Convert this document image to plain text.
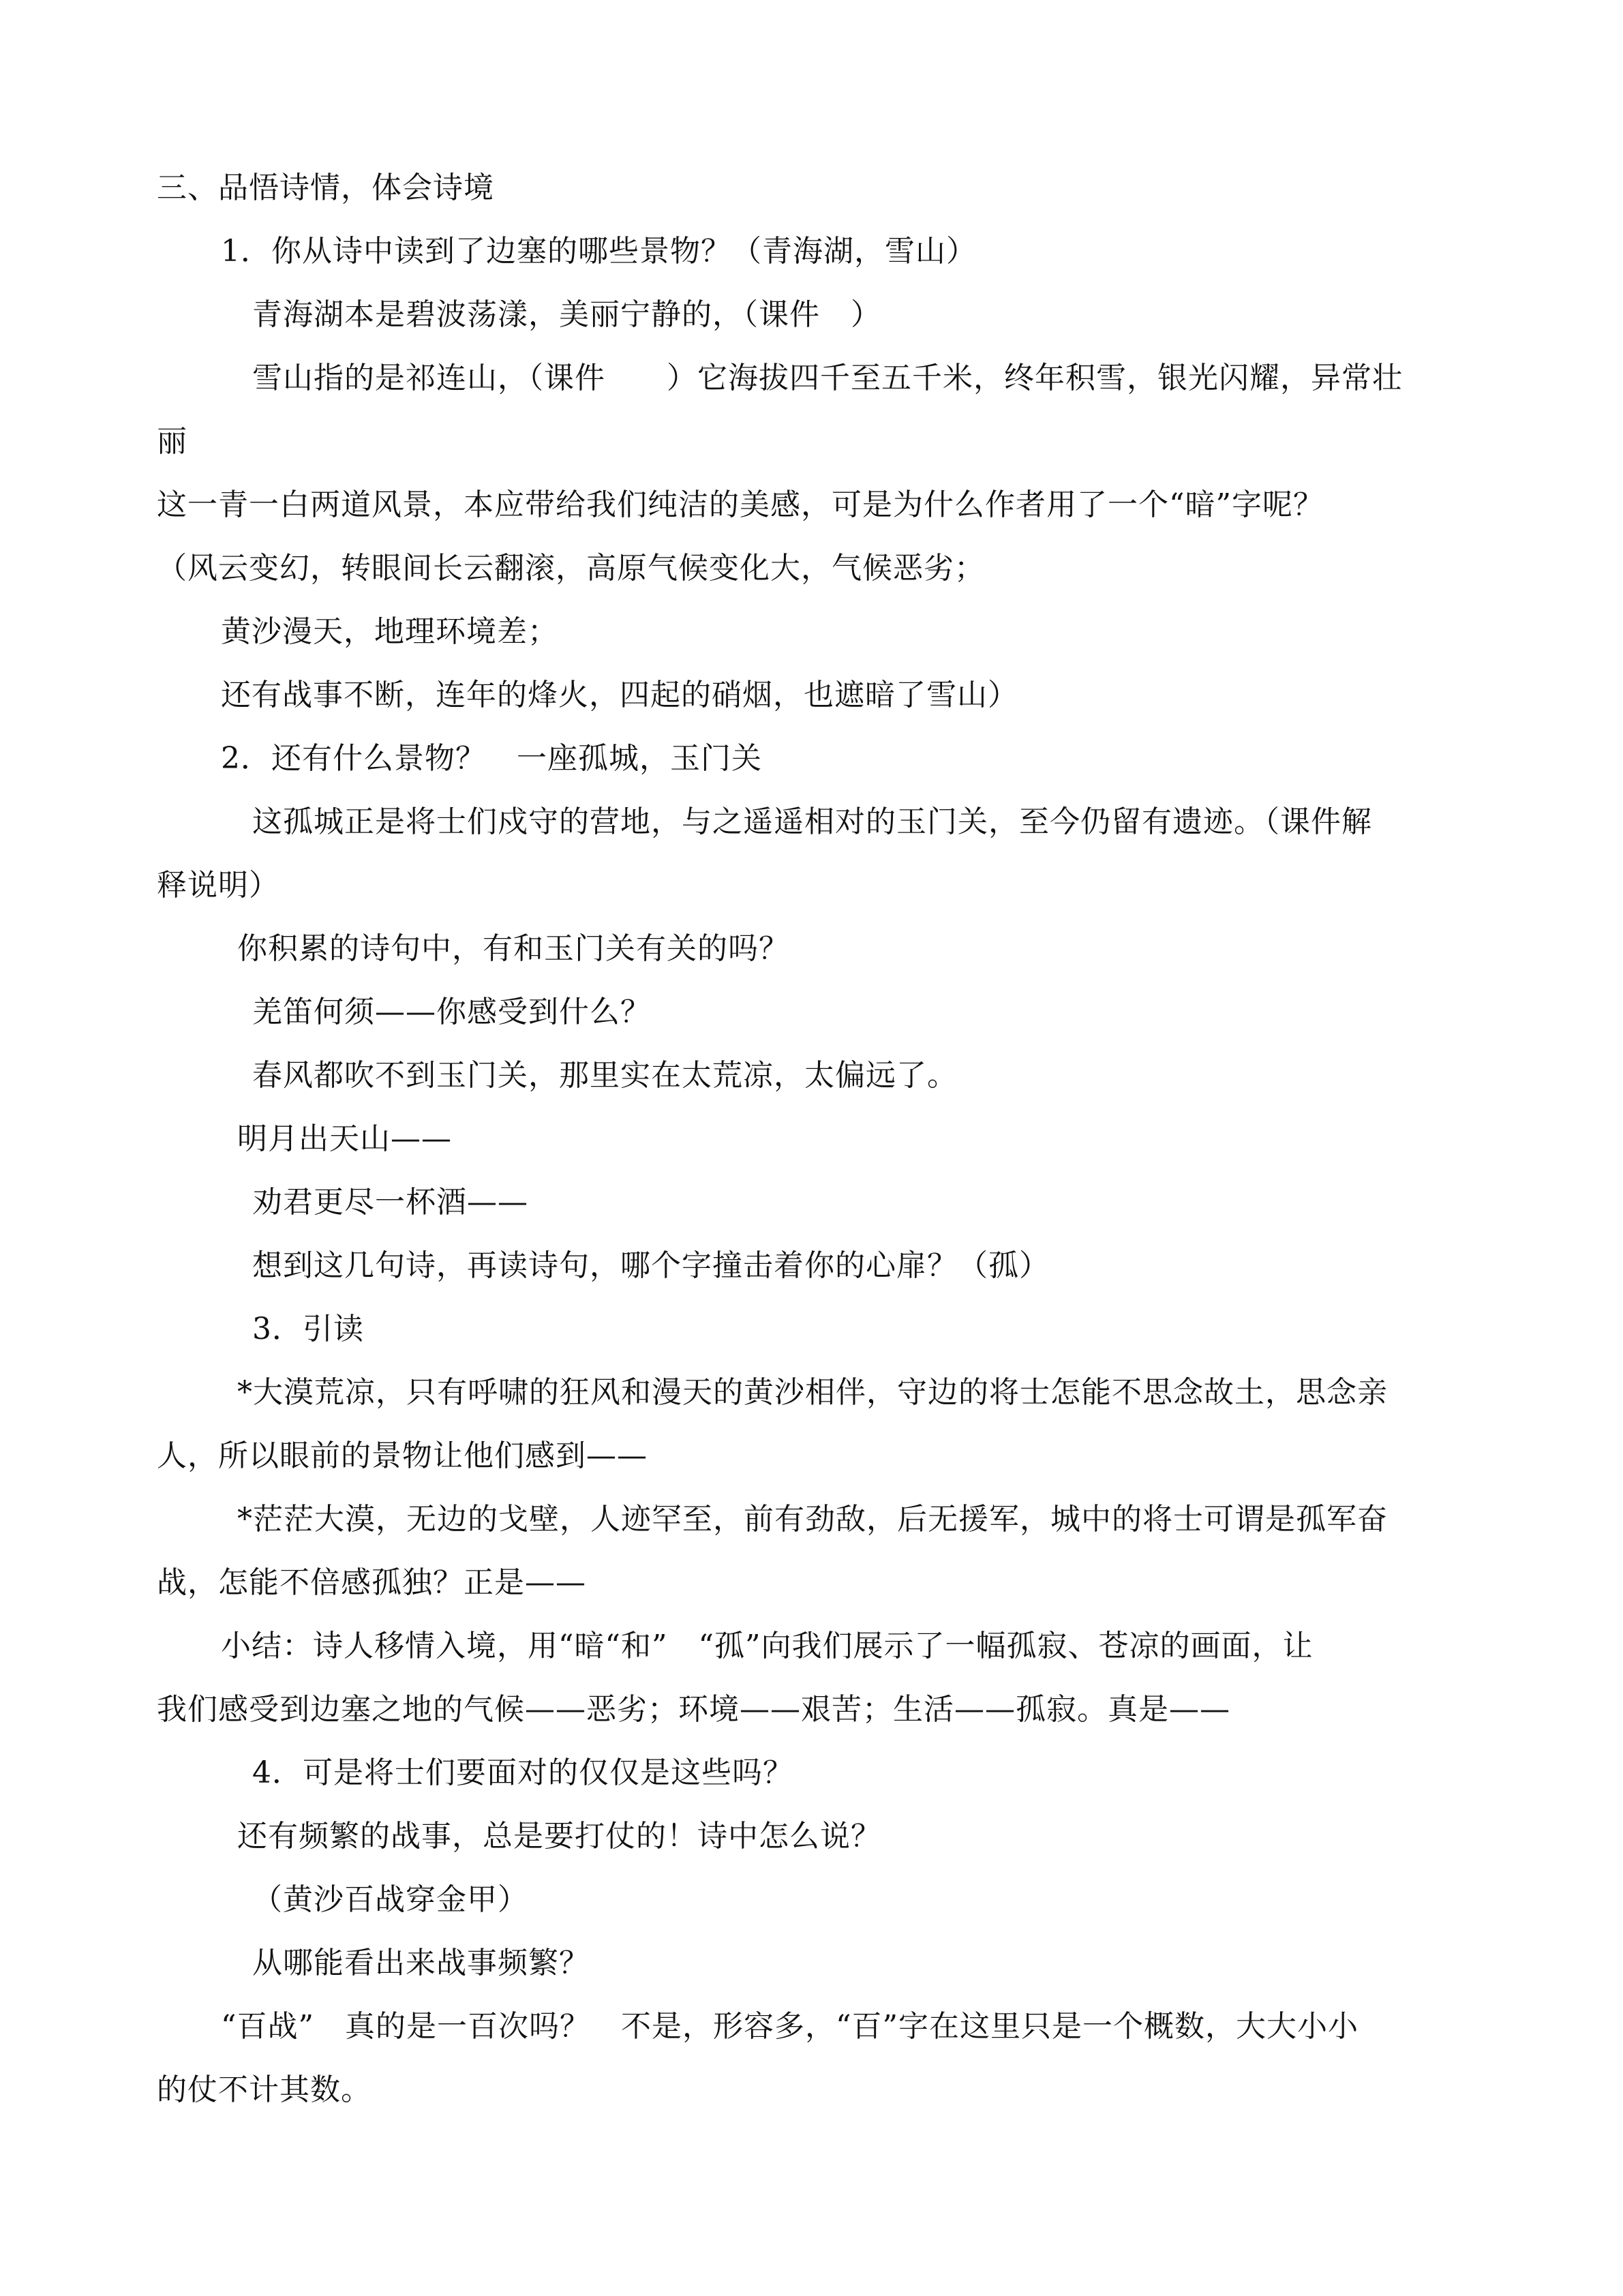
三、品悟诗情，体会诗境

1．你从诗中读到了边塞的哪些景物？（青海湖，雪山）

青海湖本是碧波荡漾，美丽宁静的，（课件　）

雪山指的是祁连山，（课件　　）它海拔四千至五千米，终年积雪，银光闪耀，异常壮

丽

这一青一白两道风景，本应带给我们纯洁的美感，可是为什么作者用了一个“暗”字呢？

（风云变幻，转眼间长云翻滚，高原气候变化大，气候恶劣；

黄沙漫天，地理环境差；

还有战事不断，连年的烽火，四起的硝烟，也遮暗了雪山）

2．还有什么景物？　一座孤城，玉门关

这孤城正是将士们戍守的营地，与之遥遥相对的玉门关，至今仍留有遗迹。（课件解

释说明）

你积累的诗句中，有和玉门关有关的吗？

羌笛何须——你感受到什么？

春风都吹不到玉门关，那里实在太荒凉，太偏远了。

明月出天山——

劝君更尽一杯酒——

想到这几句诗，再读诗句，哪个字撞击着你的心扉？（孤）

3．引读

*大漠荒凉，只有呼啸的狂风和漫天的黄沙相伴，守边的将士怎能不思念故土，思念亲

人，所以眼前的景物让他们感到——

*茫茫大漠，无边的戈壁，人迹罕至，前有劲敌，后无援军，城中的将士可谓是孤军奋

战，怎能不倍感孤独？正是——

小结：诗人移情入境，用“暗“和”　“孤”向我们展示了一幅孤寂、苍凉的画面，让

我们感受到边塞之地的气候——恶劣；环境——艰苦；生活——孤寂。真是——

4．可是将士们要面对的仅仅是这些吗？

还有频繁的战事，总是要打仗的！诗中怎么说？

（黄沙百战穿金甲）

从哪能看出来战事频繁？

“百战”　真的是一百次吗？　不是，形容多，“百”字在这里只是一个概数，大大小小

的仗不计其数。
